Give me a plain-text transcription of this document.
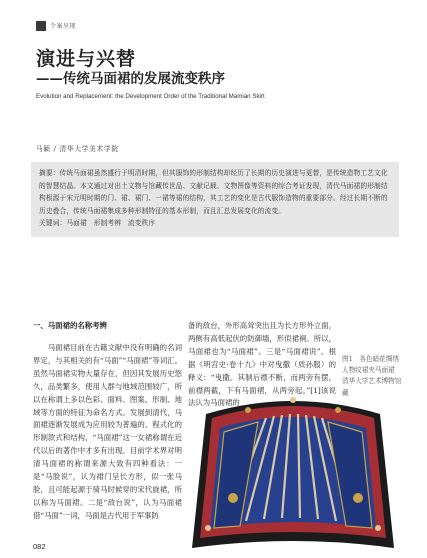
个案呈现
演进与兴替
——传统马面裙的发展流变秩序
Evolution and Replacement: the Development Order of the Traditional Mamian Skirt
马颖 / 清华大学美术学院

摘要：传统马面裙虽然盛行于明清时期，但其服饰的形制结构却经历了长期的历史演进与更替，是传统造物工艺文化的智慧结晶。本文通过对出土文物与馆藏传世品、文献记载、文物图像等资料的综合考证发现，清代马面裙的形制结构根源于宋元明时期的门、裙、裙门、一裙等裙的结构，其工艺的变化是古代服饰造物的重要部分。经过长期不断的历史叠合，传统马面裙集成多种形制特征的基本形制，而且汇总发展变化的流变。

关键词：马面裙　形制考辨　流变秩序

一、马面裙的名称考辨

马面裙目前在古籍文献中没有明确的名词界定，与其相关的有“马面”“马面裙”等词汇。虽然马面裙实物大量存在，但因其发展历史悠久，品类繁多，使用人群与地域范围较广，所以在称谓上多以色彩、面料、图案、形制、地域等方面的特征为命名方式。发展到清代，马面裙逐渐发展成为应用较为普遍的、程式化的形制款式和结构，“马面裙”这一女裙称谓在近代以后的著作中才多有出现。目前学术界对明清马面裙的称谓来源大致有四种看法：一是“马脸说”，认为裙门呈长方形，似一张马脸，且可能起源于骑马时候穿的宋代旋裙，所以称为马面裙。二是“敌台说”，认为马面裙借“马面”一词，马面是古代用于军事防

备的敌台，外形高耸突出且为长方形外立面，两侧有高低起伏的防御墙，形似裙裥。所以，马面裙也为“马面裙”。三是“马面裙说”。根据《明宫史·卷十九》中对曳撒（质孙服）的释义：“曳撒。其制后襟不断，而两旁有摆，前襟两截，下有马面褶，从两旁起。”[1]该说法认为马面裙的

图1　各色暗花绸绣人物纹裙夹马面裙　清华大学艺术博物馆藏
082
